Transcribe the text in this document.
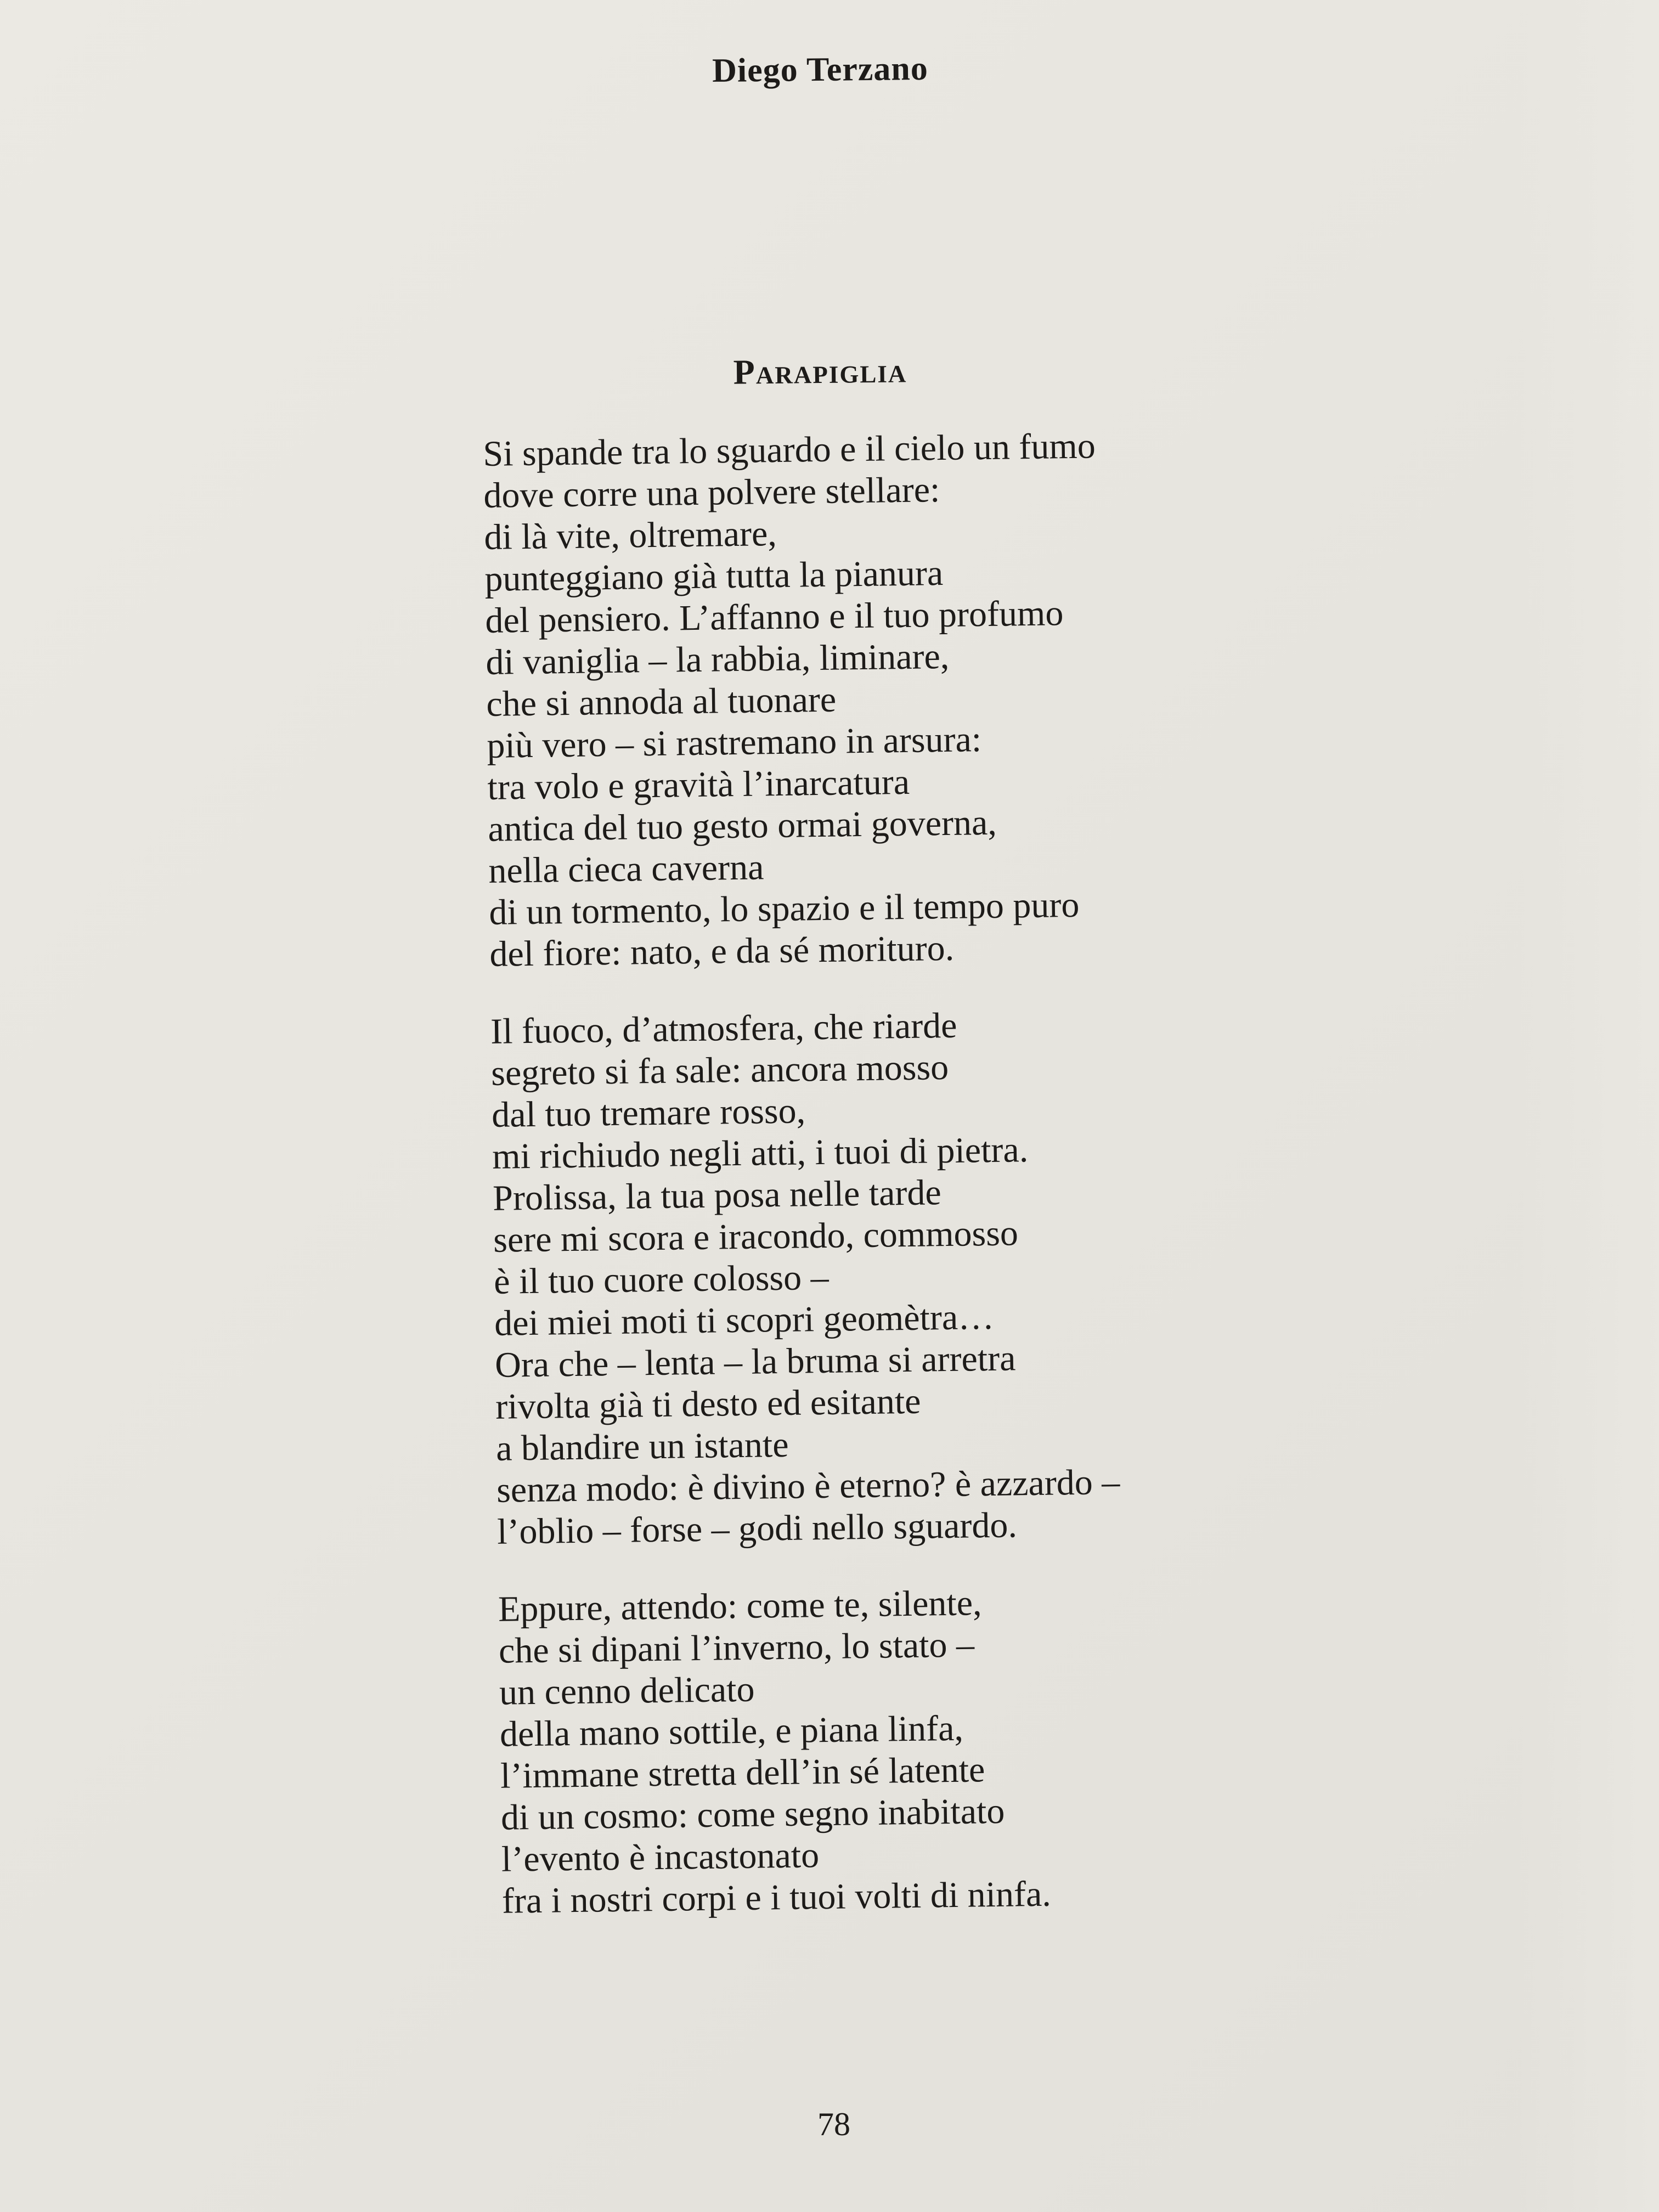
Diego Terzano
Parapiglia
Si spande tra lo sguardo e il cielo un fumo
dove corre una polvere stellare:
di là vite, oltremare,
punteggiano già tutta la pianura
del pensiero. L’affanno e il tuo profumo
di vaniglia – la rabbia, liminare,
che si annoda al tuonare
più vero – si rastremano in arsura:
tra volo e gravità l’inarcatura
antica del tuo gesto ormai governa,
nella cieca caverna
di un tormento, lo spazio e il tempo puro
del fiore: nato, e da sé morituro.
Il fuoco, d’atmosfera, che riarde
segreto si fa sale: ancora mosso
dal tuo tremare rosso,
mi richiudo negli atti, i tuoi di pietra.
Prolissa, la tua posa nelle tarde
sere mi scora e iracondo, commosso
è il tuo cuore colosso –
dei miei moti ti scopri geomètra…
Ora che – lenta – la bruma si arretra
rivolta già ti desto ed esitante
a blandire un istante
senza modo: è divino è eterno? è azzardo –
l’oblio – forse – godi nello sguardo.
Eppure, attendo: come te, silente,
che si dipani l’inverno, lo stato –
un cenno delicato
della mano sottile, e piana linfa,
l’immane stretta dell’in sé latente
di un cosmo: come segno inabitato
l’evento è incastonato
fra i nostri corpi e i tuoi volti di ninfa.
78
